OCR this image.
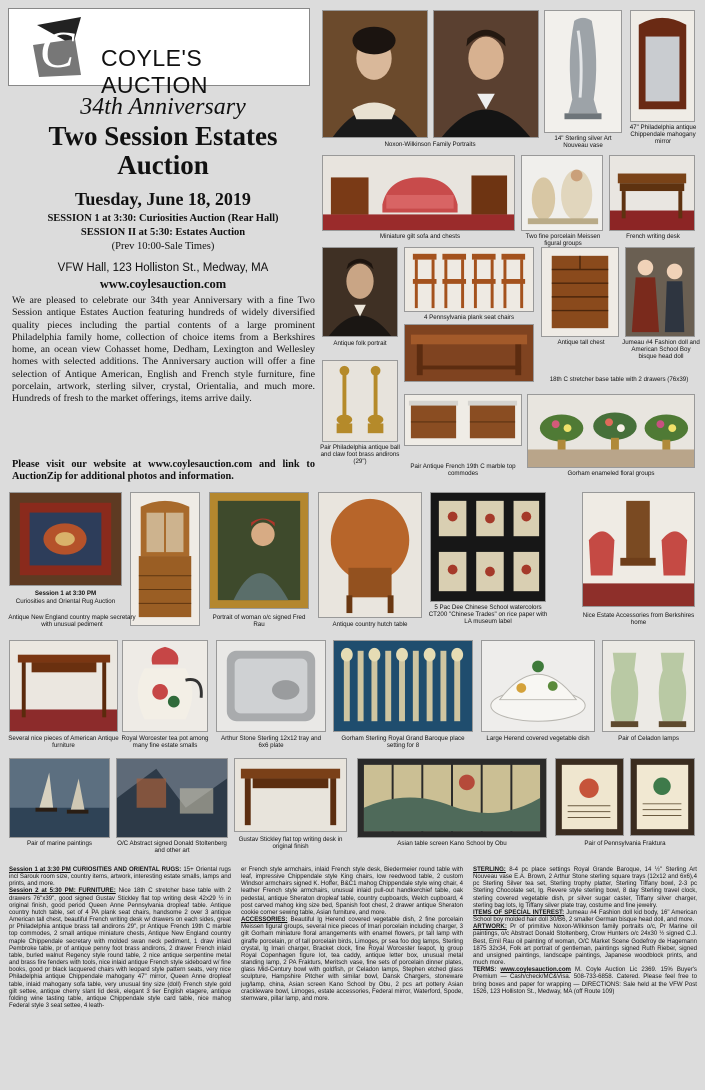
C COYLE'S AUCTION
34th Anniversary
Two Session Estates
Auction
Tuesday, June 18, 2019
SESSION 1 at 3:30: Curiosities Auction (Rear Hall)
SESSION II at 5:30: Estates Auction
(Prev 10:00-Sale Times)
VFW Hall, 123 Holliston St., Medway, MA
www.coylesauction.com
We are pleased to celebrate our 34th year Anniversary with a fine Two Session antique Estates Auction featuring hundreds of widely diversified quality pieces including the partial contents of a large prominent Philadelphia family home, collection of choice items from a Berkshires home, an ocean view Cohasset home, Dedham, Lexington and Wellesley homes with selected additions. The Anniversary auction will offer a fine selection of Antique American, English and French style furniture, fine porcelain, artwork, sterling silver, crystal, Orientalia, and much more. Hundreds of fresh to the market offerings, items arrive daily.
Please visit our website at www.coylesauction.com and link to AuctionZip for additional photos and information.
Noxon-Wilkinson Family Portraits
14" Sterling silver Art Nouveau vase
47" Philadelphia antique Chippendale mahogany mirror
Miniature gilt sofa and chests	Two fine porcelain Meissen figural groups
French writing desk
4 Pennsylvania plank seat chairs
Antique folk portrait	Antique tall chest	Jumeau #4 Fashion doll and American School Boy bisque head doll
18th C stretcher base table with 2 drawers (76x39)
Pair Philadelphia antique ball and claw foot brass andirons (29")
Pair Antique French 19th C marble top commodes	Gorham enameled floral groups
Session 1 at 3:30 PM
Curiosities and Oriental Rug Auction
Antique New England country maple secretary with unusual pediment
Portrait of woman o/c signed Fred Rau	Antique country hutch table
5 Pac Dee Chinese School watercolors CT200 "Chinese Trades" on rice paper with LA museum label
Nice Estate Accessories from Berkshires home
Several nice pieces of American Antique furniture
Royal Worcester tea pot among many fine estate smalls
Arthur Stone Sterling 12x12 tray and 6x6 plate
Gorham Sterling Royal Grand Baroque place setting for 8
Large Herend covered vegetable dish	Pair of Celadon lamps
Pair of marine paintings	O/C Abstract signed Donald Stoltenberg and other art
Gustav Stickley flat top writing desk in original finish	Asian table screen Kano School by Obu	Pair of Pennsylvania Fraktura

Session 1 at 3:30 PM CURIOSITIES AND ORIENTAL RUGS: 15+ Oriental rugs incl Sarouk room size, country items, artwork, interesting estate smalls, lamps and prints, and more.

Session 2 at 5:30 PM: FURNITURE: Nice 18th C stretcher base table with 2 drawers 76"x39", good signed Gustav Stickley flat top writing desk 42x29 ½ in original finish, good period Queen Anne Pennsylvania dropleaf table. Antique country hutch table, set of 4 PA plank seat chairs, handsome 2 over 3 antique American tall chest, beautiful French writing desk w/ drawers on each sides, great pr Philadelphia antique brass tall andirons 29", pr Antique French 19th C marble top commodes, 2 small antique miniature chests, Antique New England country maple Chippendale secretary with molded swan neck pediment, 1 draw inlaid Pembroke table, pr of antique penny foot brass andirons, 2 drawer French inlaid table, burled walnut Regency style round table, 2 nice antique serpentine metal and brass fire fenders with tools, nice inlaid antique French style sideboard w/ fine books, good pr black lacquered chairs with leopard style pattern seats, very nice Philadelphia antique Chippendale mahogany 47" mirror, Queen Anne dropleaf table, inlaid mahogany sofa table, very unusual tiny size (doll) French style gold gilt settee, antique cherry slant lid desk, elegant 3 tier English etagere, antique folding wine tasting table, antique Chippendale style card table, nice mahog Federal style 3 seat settee, 4 leath-

er French style armchairs, inlaid French style desk, Biedermeier round table with leaf, impressive Chippendale style King chairs, low reedwood table, 2 custom Windsor armchairs signed K. Hoffer, B&C1 mahog Chippendale style wing chair, 4 leather French style armchairs, unusual inlaid pull-out handkerchief table, oak pedestal, antique Sheraton dropleaf table, country cupboards, Welch cupboard, 4 post carved mahog king size bed, Spanish foot chest, 2 drawer antique Sheraton cookie corner sewing table, Asian furniture, and more.

ACCESSORIES: Beautiful lg Herend covered vegetable dish, 2 fine porcelain Meissen figural groups, several nice pieces of Imari porcelain including charger, 3 gilt Gorham miniature floral arrangements with enamel flowers, pr tall lamp with giraffe porcelain, pr of tall porcelain birds, Limoges, pr sea foo dog lamps, Sterling crystal, lg Imari charger, Bracket clock, fine Royal Worcester teapot, lg group Royal Copenhagen figure lot, tea caddy, antique letter box, unusual metal standing lamp, 2 PA Frakturs, Meritsch vase, fine sets of porcelain dinner plates, glass Mid-Century bowl with goldfish, pr Celadon lamps, Stephen etched glass sculpture, Hampshire Pitcher with similar bowl, Dansk Chargers, stoneware jug/lamp, china, Asian screen Kano School by Obu, 2 pcs art pottery Asian crackleware bowl, Limoges, estate accessories, Federal mirror, Waterford, Spode, stemware, pillar lamp, and more.

STERLING: 8-4 pc place settings Royal Grande Baroque, 14 ½" Sterling Art Nouveau vase E.A. Brown, 2 Arthur Stone sterling square trays (12x12 and 6x6),4 pc Sterling Silver tea set, Sterling trophy platter, Sterling Tiffany bowl, 2-3 pc Sterling Chocolate set, lg. Revere style sterling bowl, 8 day Sterling travel clock, sterling covered vegetable dish, pr silver sugar caster, Tiffany silver charger, sterling bag lots, lg Tiffany silver plate tray, costume and fine jewelry.

ITEMS OF SPECIAL INTEREST: Jumeau #4 Fashion doll kid body, 16" American School boy molded hair doll 30/B6, 2 smaller German bisque head doll, and more.

ARTWORK: Pr of primitive Noxon-Wilkinson family portraits o/c, Pr Marine oil paintings, o/c Abstract Donald Stoltenberg, Crow Hunters o/c 24x30 ½ signed C.J. Best, Emil Rau oil painting of woman, O/C Market Scene Godefroy de Hagemann 1875 32x34, Folk art portrait of gentleman, paintings signed Ruth Rieber, signed and unsigned paintings, landscape paintings, Japanese woodblock prints, and much more.

TERMS: www.coylesauction.com M. Coyle Auction Lic 2369. 15% Buyer's Premium — Cash/check/MC&Visa. 508-733-6858. Catered. Please feel free to bring boxes and paper for wrapping — DIRECTIONS: Sale held at the VFW Post 1526, 123 Holliston St., Medway, MA (off Route 109)
